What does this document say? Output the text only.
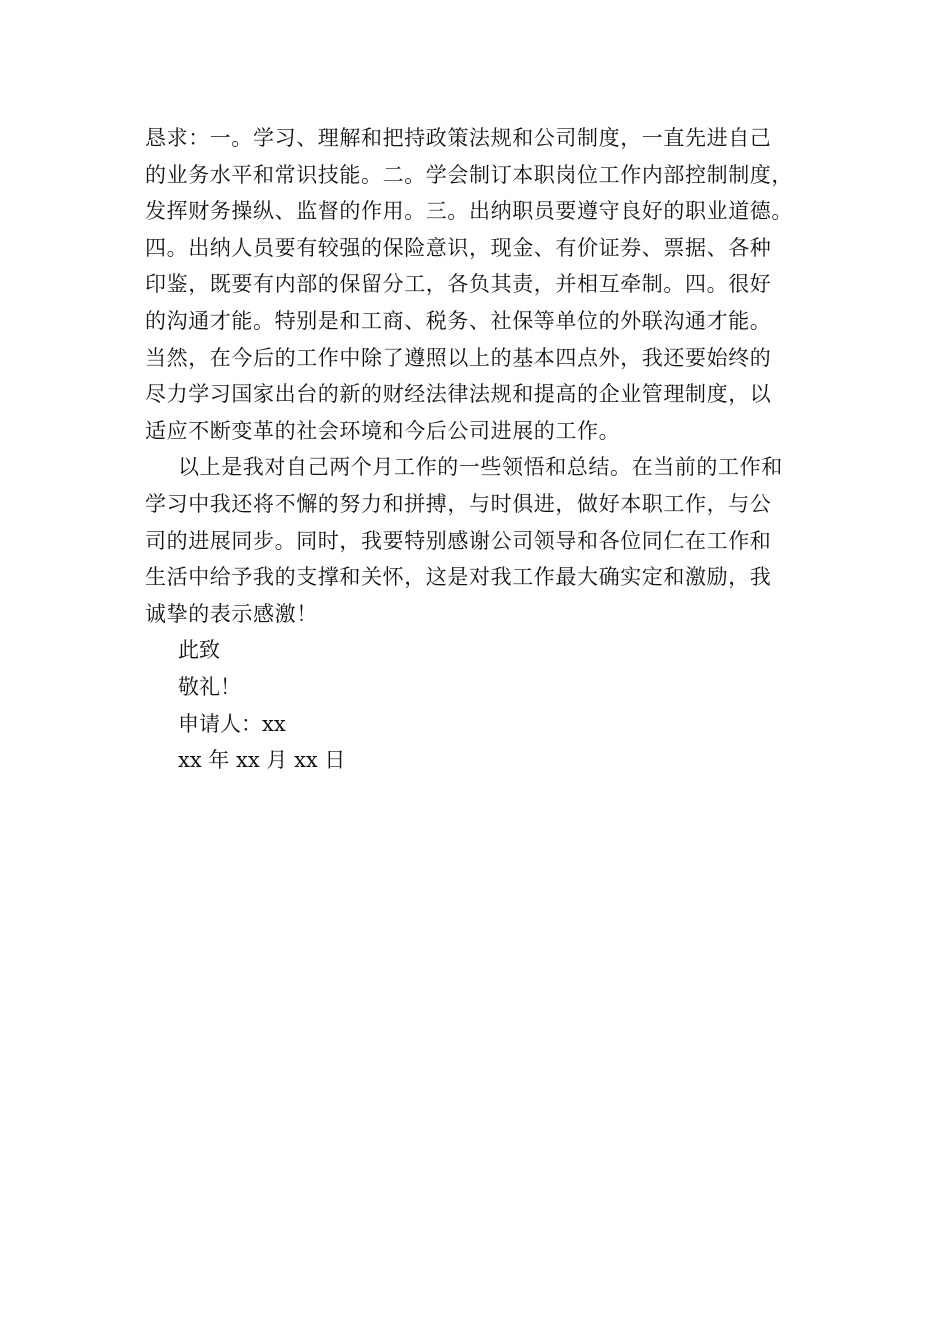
恳求：一。学习、理解和把持政策法规和公司制度，一直先进自己
的业务水平和常识技能。二。学会制订本职岗位工作内部控制制度，
发挥财务操纵、监督的作用。三。出纳职员要遵守良好的职业道德。
四。出纳人员要有较强的保险意识，现金、有价证券、票据、各种
印鉴，既要有内部的保留分工，各负其责，并相互牵制。四。很好
的沟通才能。特别是和工商、税务、社保等单位的外联沟通才能。
当然，在今后的工作中除了遵照以上的基本四点外，我还要始终的
尽力学习国家出台的新的财经法律法规和提高的企业管理制度，以
适应不断变革的社会环境和今后公司进展的工作。
以上是我对自己两个月工作的一些领悟和总结。在当前的工作和
学习中我还将不懈的努力和拼搏，与时俱进，做好本职工作，与公
司的进展同步。同时，我要特别感谢公司领导和各位同仁在工作和
生活中给予我的支撑和关怀，这是对我工作最大确实定和激励，我
诚挚的表示感激！
此致
敬礼！
申请人：xx
xx 年 xx 月 xx 日
